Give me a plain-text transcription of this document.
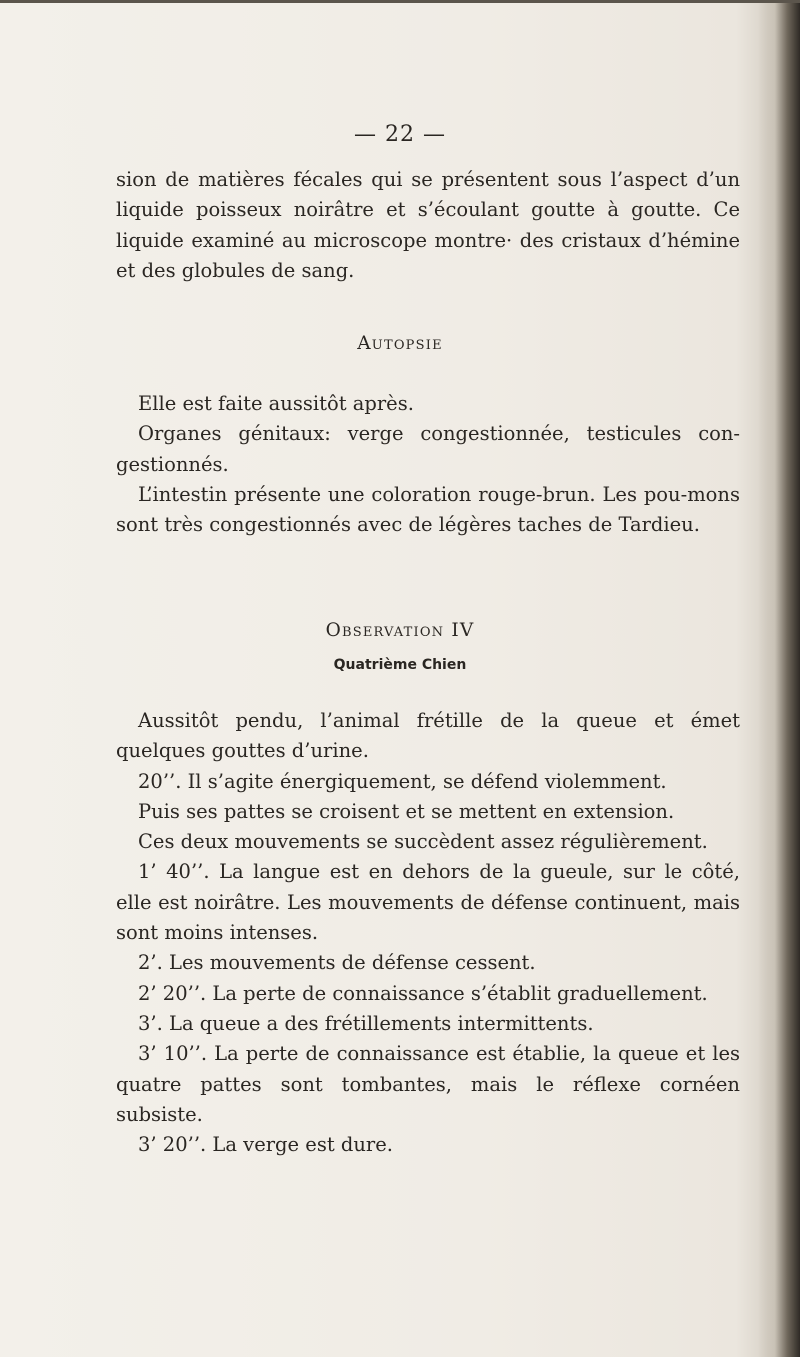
— 22 —

sion de matières fécales qui se présentent sous l’aspect d’un liquide poisseux noirâtre et s’écoulant goutte à goutte. Ce liquide examiné au microscope montre· des cristaux d’hémine et des globules de sang.

Autopsie

Elle est faite aussitôt après.

Organes génitaux: verge congestionnée, testicules con-gestionnés.

L’intestin présente une coloration rouge-brun. Les pou-mons sont très congestionnés avec de légères taches de Tardieu.

Observation IV
Quatrième Chien

Aussitôt pendu, l’animal frétille de la queue et émet quelques gouttes d’urine.

20’’. Il s’agite énergiquement, se défend violemment.

Puis ses pattes se croisent et se mettent en extension.

Ces deux mouvements se succèdent assez régulièrement.

1’ 40’’. La langue est en dehors de la gueule, sur le côté, elle est noirâtre. Les mouvements de défense continuent, mais sont moins intenses.

2’. Les mouvements de défense cessent.

2’ 20’’. La perte de connaissance s’établit graduellement.

3’. La queue a des frétillements intermittents.

3’ 10’’. La perte de connaissance est établie, la queue et les quatre pattes sont tombantes, mais le réflexe cornéen subsiste.

3’ 20’’. La verge est dure.
